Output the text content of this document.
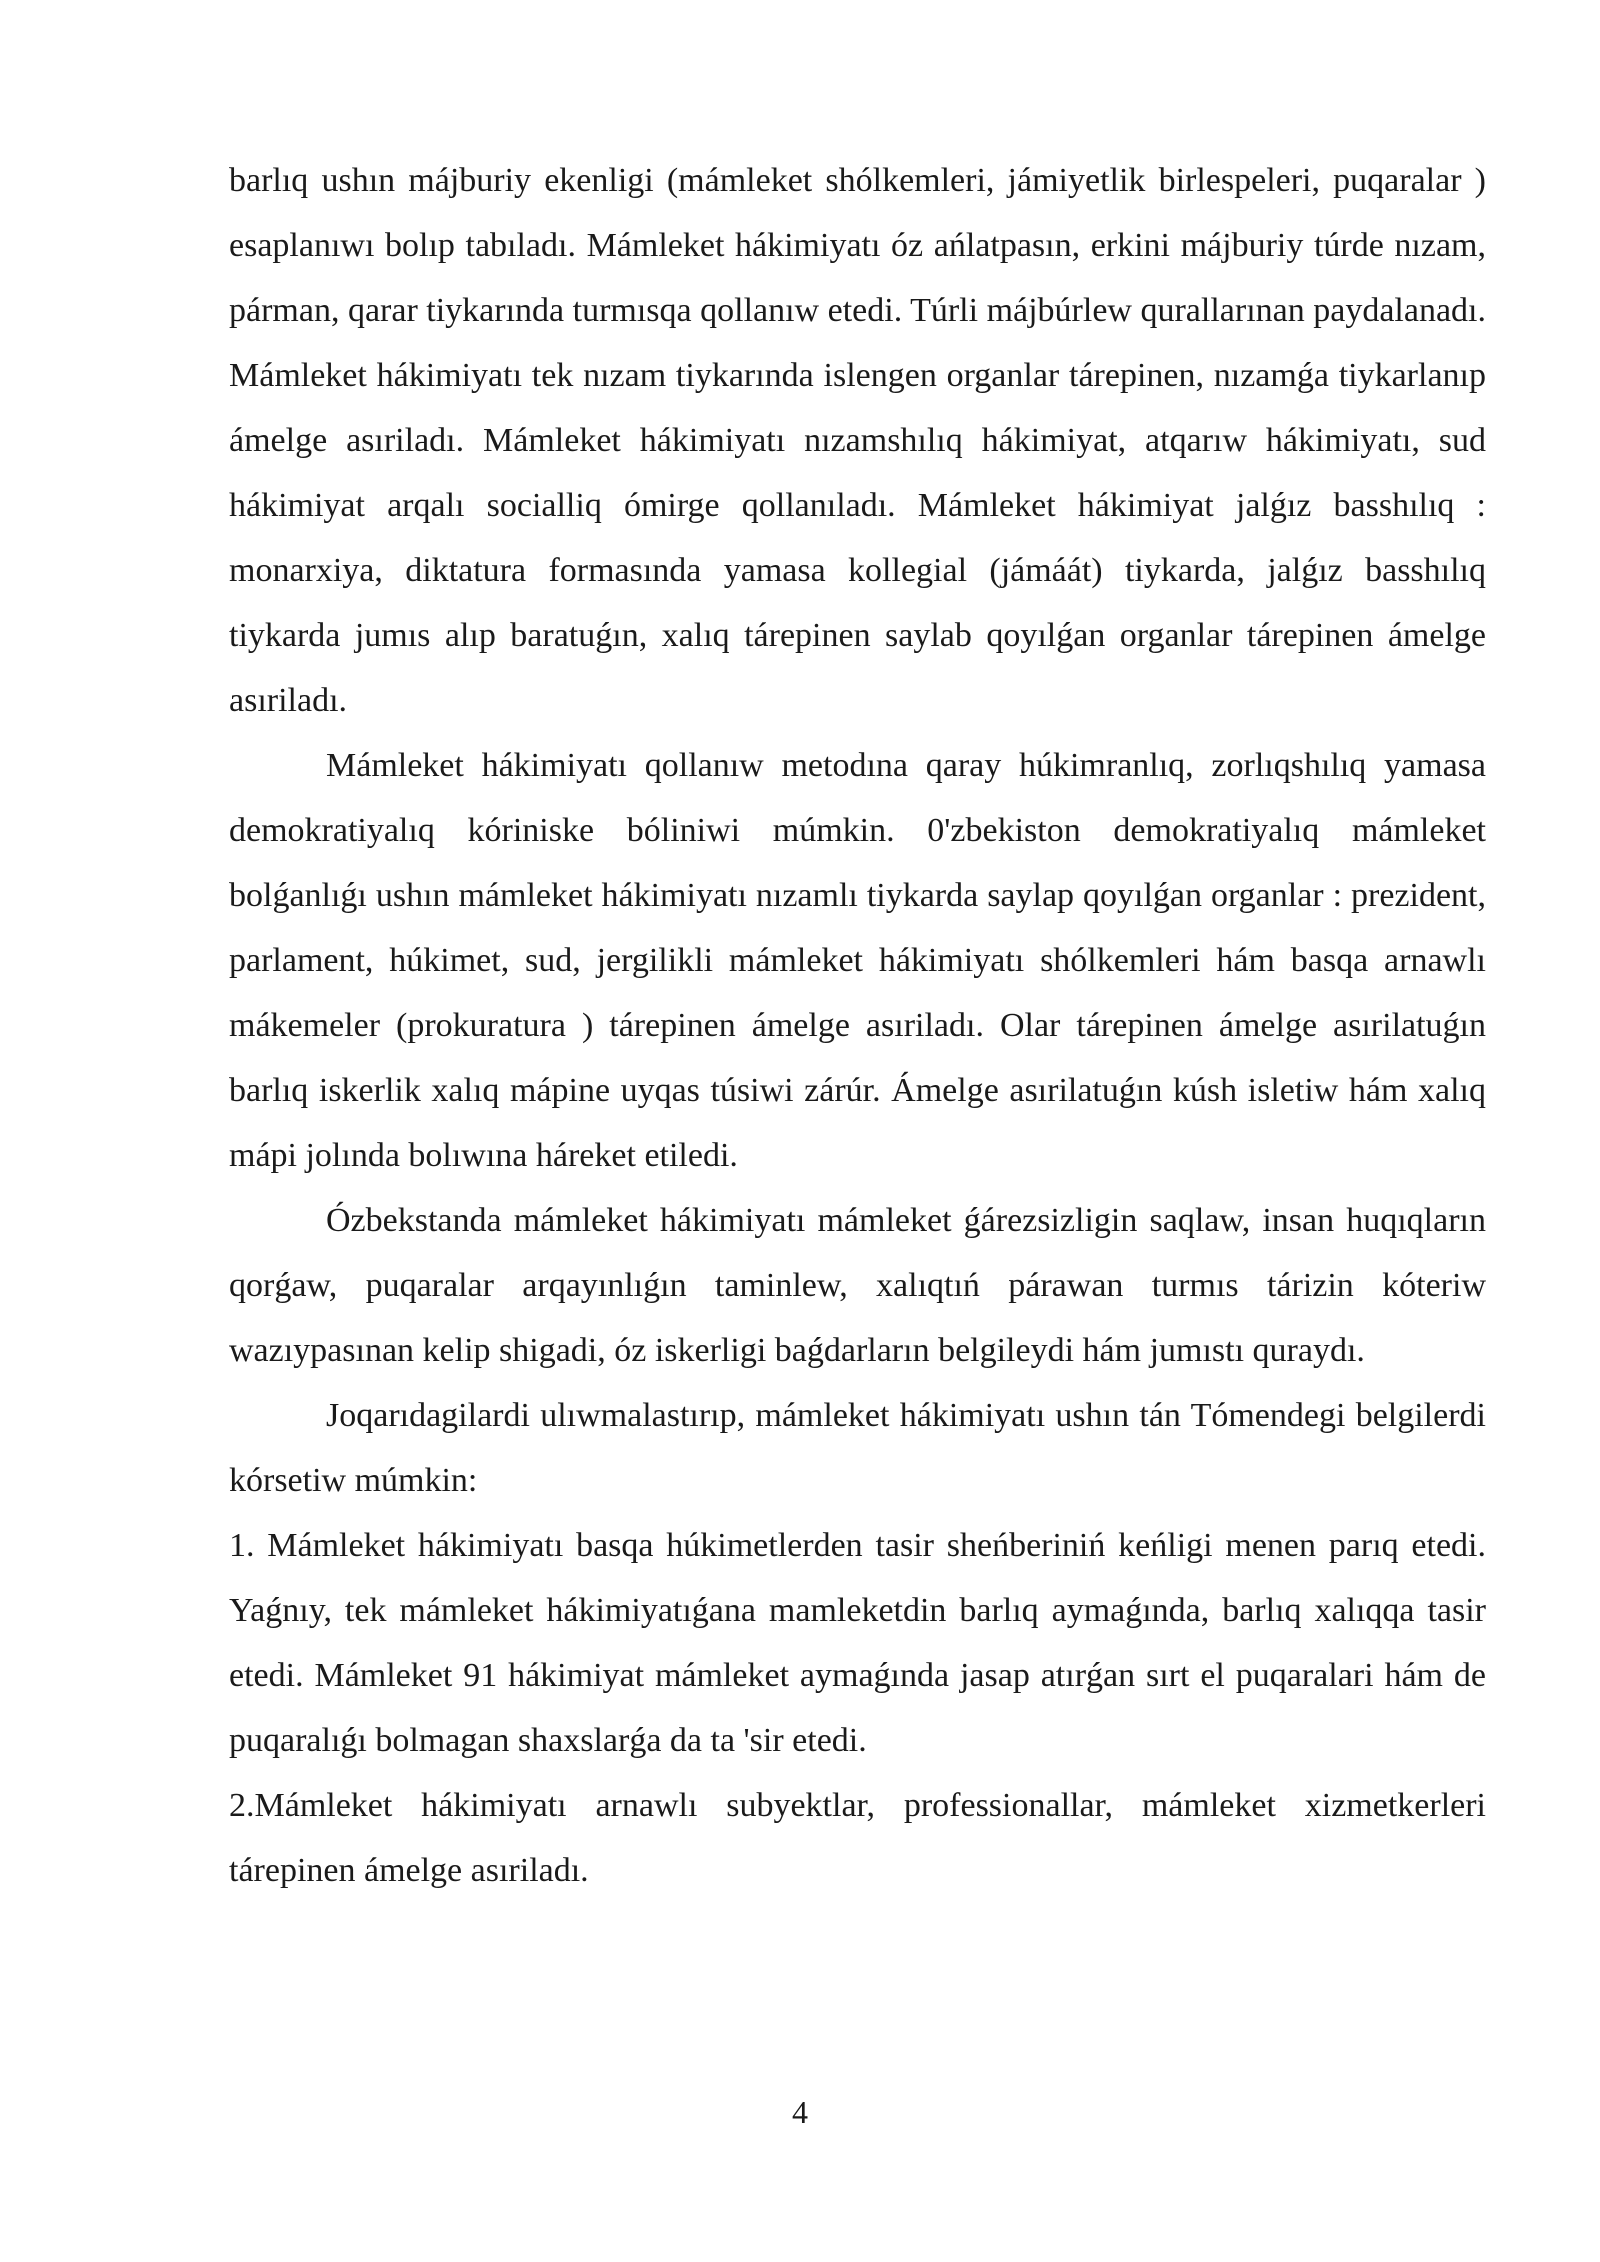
barlıq ushın májburiy ekenligi (mámleket shólkemleri, jámiyetlik birlespeleri, puqaralar ) esaplanıwı bolıp tabıladı. Mámleket hákimiyatı óz ańlatpasın, erkini májburiy túrde nızam, párman, qarar tiykarında turmısqa qollanıw etedi. Túrli májbúrlew qurallarınan paydalanadı. Mámleket hákimiyatı tek nızam tiykarında islengen organlar tárepinen, nızamǵa tiykarlanıp ámelge asıriladı. Mámleket hákimiyatı nızamshılıq hákimiyat, atqarıw hákimiyatı, sud hákimiyat arqalı socialliq ómirge qollanıladı. Mámleket hákimiyat jalǵız basshılıq : monarxiya, diktatura formasında yamasa kollegial (jámáát) tiykarda, jalǵız basshılıq tiykarda jumıs alıp baratuǵın, xalıq tárepinen saylab qoyılǵan organlar tárepinen ámelge asıriladı.

Mámleket hákimiyatı qollanıw metodına qaray húkimranlıq, zorlıqshılıq yamasa demokratiyalıq kóriniske bóliniwi múmkin. 0'zbekiston demokratiyalıq mámleket bolǵanlıǵı ushın mámleket hákimiyatı nızamlı tiykarda saylap qoyılǵan organlar : prezident, parlament, húkimet, sud, jergilikli mámleket hákimiyatı shólkemleri hám basqa arnawlı mákemeler (prokuratura ) tárepinen ámelge asıriladı. Olar tárepinen ámelge asırilatuǵın barlıq iskerlik xalıq mápine uyqas túsiwi zárúr. Ámelge asırilatuǵın kúsh isletiw hám xalıq mápi jolında bolıwına háreket etiledi.

Ózbekstanda mámleket hákimiyatı mámleket ǵárezsizligin saqlaw, insan huqıqların qorǵaw, puqaralar arqayınlıǵın taminlew, xalıqtıń párawan turmıs tárizin kóteriw wazıypasınan kelip shigadi, óz iskerligi baǵdarların belgileydi hám jumıstı quraydı.

Joqarıdagilardi ulıwmalastırıp, mámleket hákimiyatı ushın tán Tómendegi belgilerdi kórsetiw múmkin:

1. Mámleket hákimiyatı basqa húkimetlerden tasir sheńberiniń keńligi menen parıq etedi. Yaǵnıy, tek mámleket hákimiyatıǵana mamleketdin barlıq aymaǵında, barlıq xalıqqa tasir etedi. Mámleket 91 hákimiyat mámleket aymaǵında jasap atırǵan sırt el puqaralari hám de puqaralıǵı bolmagan shaxslarǵa da ta 'sir etedi.

2.Mámleket hákimiyatı arnawlı subyektlar, professionallar, mámleket xizmetkerleri tárepinen ámelge asıriladı.

4
